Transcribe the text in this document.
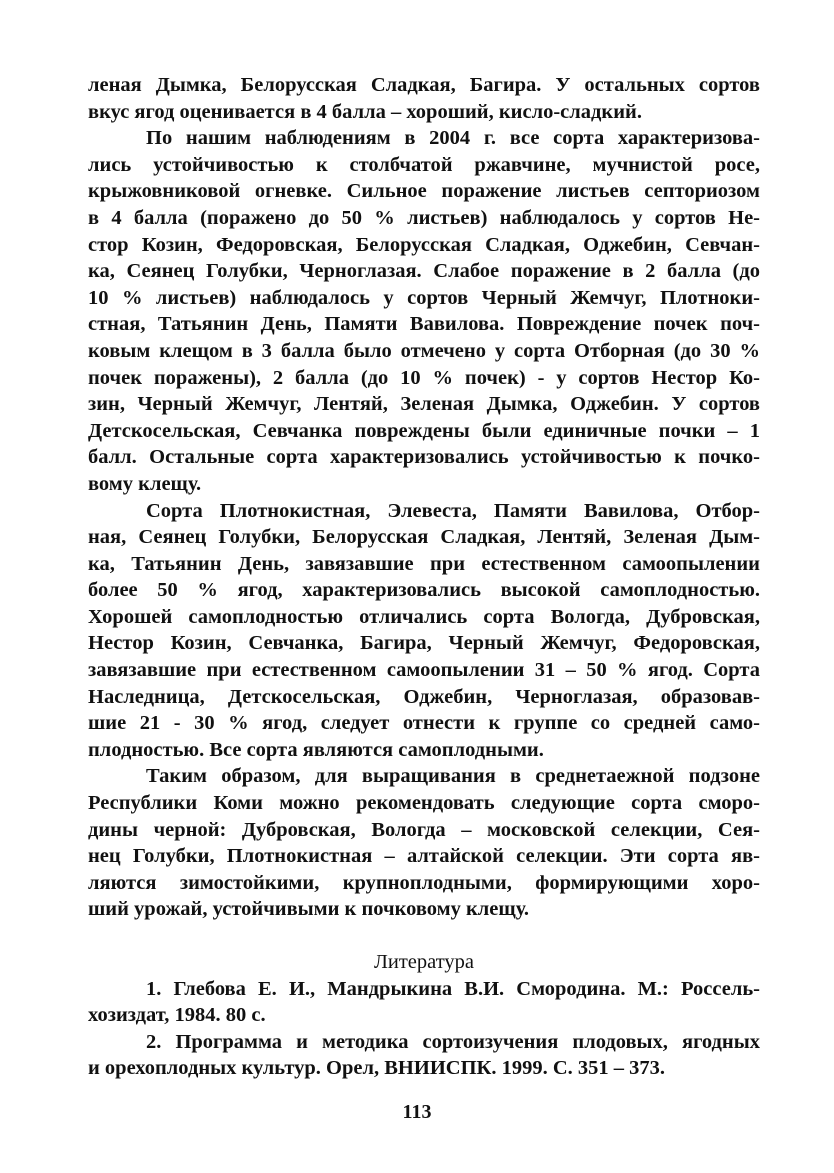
леная Дымка, Белорусская Сладкая, Багира. У остальных сортов
вкус ягод оценивается в 4 балла – хороший, кисло-сладкий.
По нашим наблюдениям в 2004 г. все сорта характеризова-
лись устойчивостью к столбчатой ржавчине, мучнистой росе,
крыжовниковой огневке. Сильное поражение листьев септориозом
в 4 балла (поражено до 50 % листьев) наблюдалось у сортов Не-
стор Козин, Федоровская, Белорусская Сладкая, Оджебин, Севчан-
ка, Сеянец Голубки, Черноглазая. Слабое поражение в 2 балла (до
10 % листьев) наблюдалось у сортов Черный Жемчуг, Плотноки-
стная, Татьянин День, Памяти Вавилова. Повреждение почек поч-
ковым клещом в 3 балла было отмечено у сорта Отборная (до 30 %
почек поражены), 2 балла (до 10 % почек) - у сортов Нестор Ко-
зин, Черный Жемчуг, Лентяй, Зеленая Дымка, Оджебин. У сортов
Детскосельская, Севчанка повреждены были единичные почки – 1
балл. Остальные сорта характеризовались устойчивостью к почко-
вому клещу.
Сорта Плотнокистная, Элевеста, Памяти Вавилова, Отбор-
ная, Сеянец Голубки, Белорусская Сладкая, Лентяй, Зеленая Дым-
ка, Татьянин День, завязавшие при естественном самоопылении
более 50 % ягод, характеризовались высокой самоплодностью.
Хорошей самоплодностью отличались сорта Вологда, Дубровская,
Нестор Козин, Севчанка, Багира, Черный Жемчуг, Федоровская,
завязавшие при естественном самоопылении 31 – 50 % ягод. Сорта
Наследница, Детскосельская, Оджебин, Черноглазая, образовав-
шие 21 - 30 % ягод, следует отнести к группе со средней само-
плодностью. Все сорта являются самоплодными.
Таким образом, для выращивания в среднетаежной подзоне
Республики Коми можно рекомендовать следующие сорта сморо-
дины черной: Дубровская, Вологда – московской селекции, Сея-
нец Голубки, Плотнокистная – алтайской селекции. Эти сорта яв-
ляются зимостойкими, крупноплодными, формирующими хоро-
ший урожай, устойчивыми к почковому клещу.
Литература
1. Глебова Е. И., Мандрыкина В.И. Смородина. М.: Россель-
хозиздат, 1984. 80 с.
2. Программа и методика сортоизучения плодовых, ягодных
и орехоплодных культур. Орел, ВНИИСПК. 1999. С. 351 – 373.
113
